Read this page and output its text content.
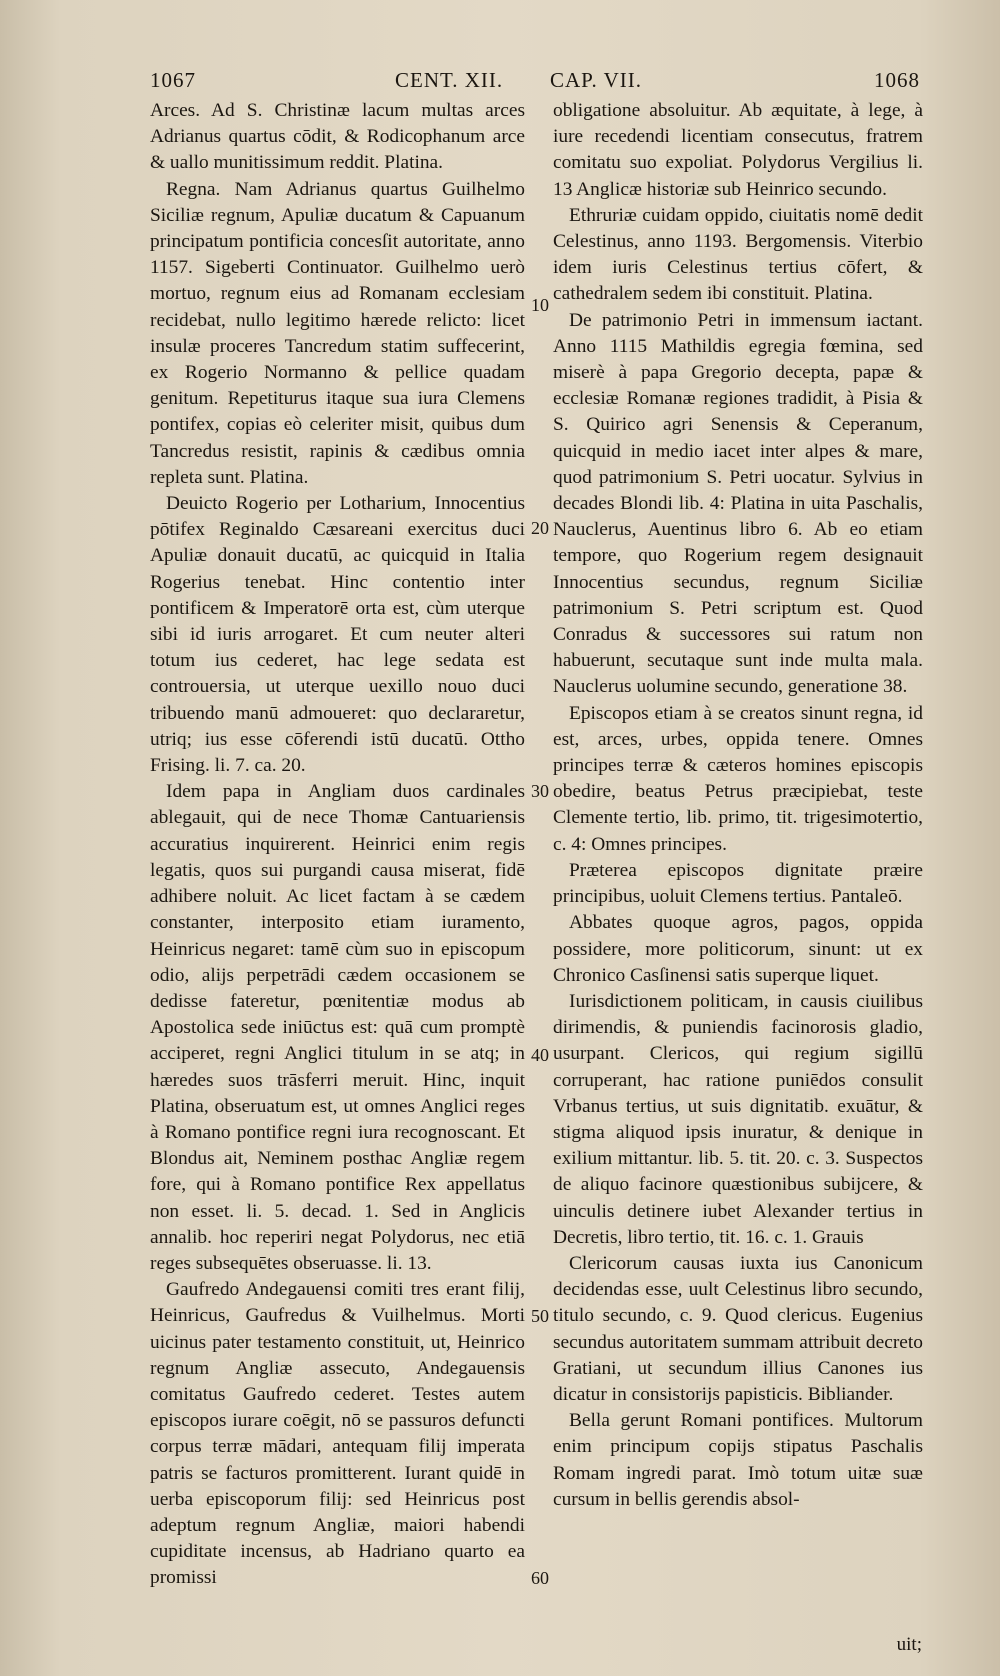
1067	CENT. XII. CAP. VII.	1068

Arces. Ad S. Christinæ lacum multas arces Adrianus quartus cōdit, & Rodicophanum arce & uallo munitissimum reddit. Platina.

Regna. Nam Adrianus quartus Guilhelmo Siciliæ regnum, Apuliæ ducatum & Capuanum principatum pontificia concesſit autoritate, anno 1157. Sigeberti Continuator. Guilhelmo uerò mortuo, regnum eius ad Romanam ecclesiam recidebat, nullo legitimo hærede relicto: licet insulæ proceres Tancredum statim suffecerint, ex Rogerio Normanno & pellice quadam genitum. Repetiturus itaque sua iura Clemens pontifex, copias eò celeriter misit, quibus dum Tancredus resistit, rapinis & cædibus omnia repleta sunt. Platina.

Deuicto Rogerio per Lotharium, Innocentius pōtifex Reginaldo Cæsareani exercitus duci Apuliæ donauit ducatū, ac quicquid in Italia Rogerius tenebat. Hinc contentio inter pontificem & Imperatorē orta est, cùm uterque sibi id iuris arrogaret. Et cum neuter alteri totum ius cederet, hac lege sedata est controuersia, ut uterque uexillo nouo duci tribuendo manū admoueret: quo declararetur, utriq; ius esse cōferendi istū ducatū. Ottho Frising. li. 7. ca. 20.

Idem papa in Angliam duos cardinales ablegauit, qui de nece Thomæ Cantuariensis accuratius inquirerent. Heinrici enim regis legatis, quos sui purgandi causa miserat, fidē adhibere noluit. Ac licet factam à se cædem constanter, interposito etiam iuramento, Heinricus negaret: tamē cùm suo in episcopum odio, alijs perpetrādi cædem occasionem se dedisse fateretur, pœnitentiæ modus ab Apostolica sede iniūctus est: quā cum promptè acciperet, regni Anglici titulum in se atq; in hæredes suos trāsferri meruit. Hinc, inquit Platina, obseruatum est, ut omnes Anglici reges à Romano pontifice regni iura recognoscant. Et Blondus ait, Neminem posthac Angliæ regem fore, qui à Romano pontifice Rex appellatus non esset. li. 5. decad. 1. Sed in Anglicis annalib. hoc reperiri negat Polydorus, nec etiā reges subsequētes obseruasse. li. 13.

Gaufredo Andegauensi comiti tres erant filij, Heinricus, Gaufredus & Vuilhelmus. Morti uicinus pater testamento constituit, ut, Heinrico regnum Angliæ assecuto, Andegauensis comitatus Gaufredo cederet. Testes autem episcopos iurare coēgit, nō se passuros defuncti corpus terræ mādari, antequam filij imperata patris se facturos promitterent. Iurant quidē in uerba episcoporum filij: sed Heinricus post adeptum regnum Angliæ, maiori habendi cupiditate incensus, ab Hadriano quarto ea promissi

obligatione absoluitur. Ab æquitate, à lege, à iure recedendi licentiam consecutus, fratrem comitatu suo expoliat. Polydorus Vergilius li. 13 Anglicæ historiæ sub Heinrico secundo.

Ethruriæ cuidam oppido, ciuitatis nomē dedit Celestinus, anno 1193. Bergomensis. Viterbio idem iuris Celestinus tertius cōfert, & cathedralem sedem ibi constituit. Platina.

De patrimonio Petri in immensum iactant. Anno 1115 Mathildis egregia fœmina, sed miserè à papa Gregorio decepta, papæ & ecclesiæ Romanæ regiones tradidit, à Pisia & S. Quirico agri Senensis & Ceperanum, quicquid in medio iacet inter alpes & mare, quod patrimonium S. Petri uocatur. Sylvius in decades Blondi lib. 4: Platina in uita Paschalis, Nauclerus, Auentinus libro 6. Ab eo etiam tempore, quo Rogerium regem designauit Innocentius secundus, regnum Siciliæ patrimonium S. Petri scriptum est. Quod Conradus & successores sui ratum non habuerunt, secutaque sunt inde multa mala. Nauclerus uolumine secundo, generatione 38.

Episcopos etiam à se creatos sinunt regna, id est, arces, urbes, oppida tenere. Omnes principes terræ & cæteros homines episcopis obedire, beatus Petrus præcipiebat, teste Clemente tertio, lib. primo, tit. trigesimotertio, c. 4: Omnes principes.

Præterea episcopos dignitate præire principibus, uoluit Clemens tertius. Pantaleō.

Abbates quoque agros, pagos, oppida possidere, more politicorum, sinunt: ut ex Chronico Casſinensi satis superque liquet.

Iurisdictionem politicam, in causis ciuilibus dirimendis, & puniendis facinorosis gladio, usurpant. Clericos, qui regium sigillū corruperant, hac ratione puniēdos consulit Vrbanus tertius, ut suis dignitatib. exuātur, & stigma aliquod ipsis inuratur, & denique in exilium mittantur. lib. 5. tit. 20. c. 3. Suspectos de aliquo facinore quæstionibus subijcere, & uinculis detinere iubet Alexander tertius in Decretis, libro tertio, tit. 16. c. 1. Grauis

Clericorum causas iuxta ius Canonicum decidendas esse, uult Celestinus libro secundo, titulo secundo, c. 9. Quod clericus. Eugenius secundus autoritatem summam attribuit decreto Gratiani, ut secundum illius Canones ius dicatur in consistorijs papisticis. Bibliander.

Bella gerunt Romani pontifices. Multorum enim principum copijs stipatus Paschalis Romam ingredi parat. Imò totum uitæ suæ cursum in bellis gerendis absol-

10
20
30
40
50
60
uit;
